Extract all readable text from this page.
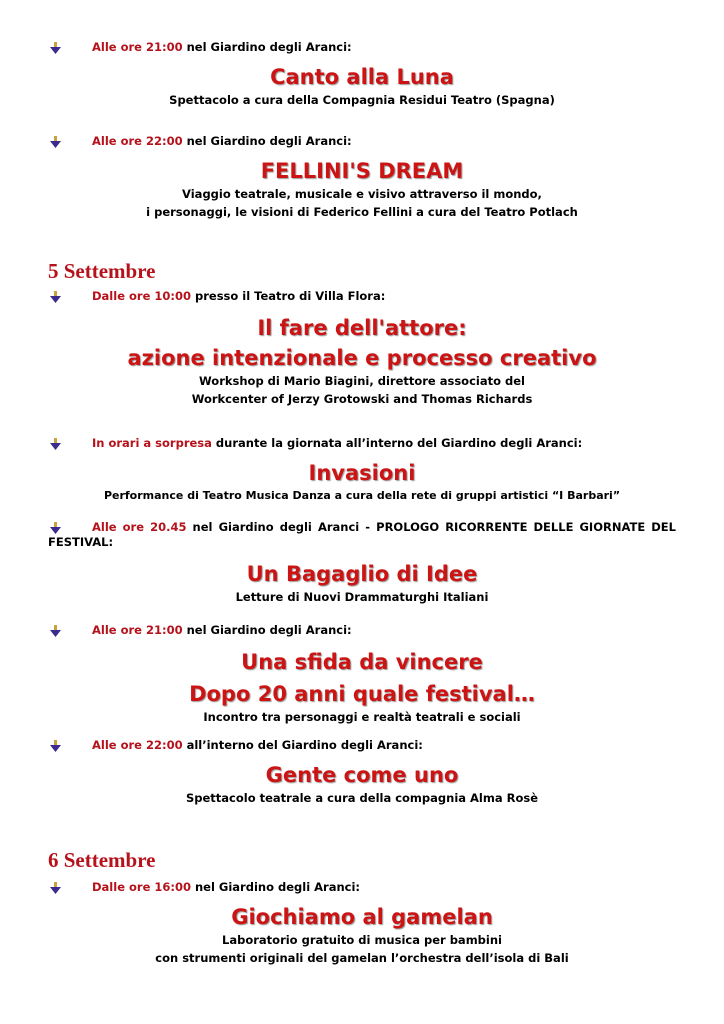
Alle ore 21:00 nel Giardino degli Aranci:
Canto alla Luna
Spettacolo a cura della Compagnia Residui Teatro (Spagna)
Alle ore 22:00 nel Giardino degli Aranci:
FELLINI'S DREAM
Viaggio teatrale, musicale e visivo attraverso il mondo,
i personaggi, le visioni di Federico Fellini a cura del Teatro Potlach
5 Settembre
Dalle ore 10:00 presso il Teatro di Villa Flora:
Il fare dell'attore:
azione intenzionale e processo creativo
Workshop di Mario Biagini, direttore associato del
Workcenter of Jerzy Grotowski and Thomas Richards
In orari a sorpresa durante la giornata all’interno del Giardino degli Aranci:
Invasioni
Performance di Teatro Musica Danza a cura della rete di gruppi artistici “I Barbari”
Alle ore 20.45 nel Giardino degli Aranci - PROLOGO RICORRENTE DELLE GIORNATE DEL FESTIVAL:
Un Bagaglio di Idee
Letture di Nuovi Drammaturghi Italiani
Alle ore 21:00 nel Giardino degli Aranci:
Una sfida da vincere
Dopo 20 anni quale festival…
Incontro tra personaggi e realtà teatrali e sociali
Alle ore 22:00 all’interno del Giardino degli Aranci:
Gente come uno
Spettacolo teatrale a cura della compagnia Alma Rosè
6 Settembre
Dalle ore 16:00 nel Giardino degli Aranci:
Giochiamo al gamelan
Laboratorio gratuito di musica per bambini
con strumenti originali del gamelan l’orchestra dell’isola di Bali
